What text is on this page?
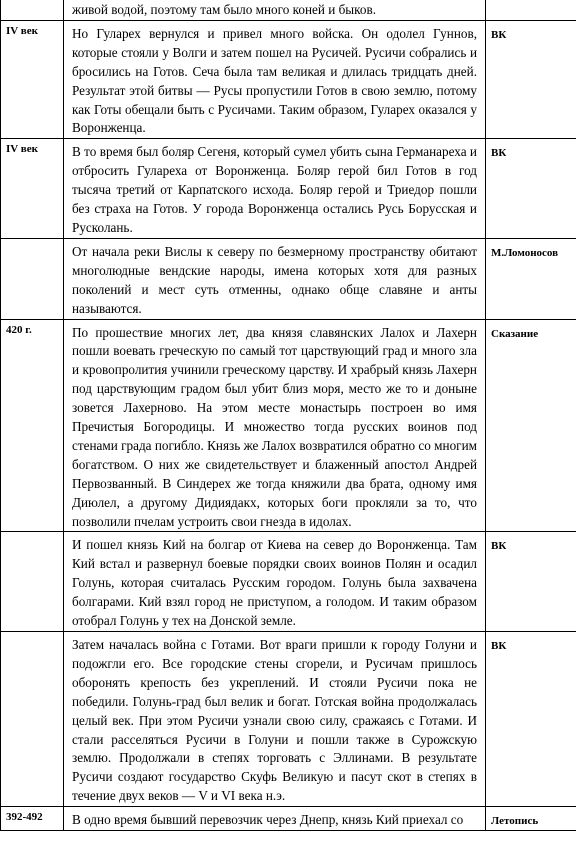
	живой водой, поэтому там было много коней и быков.	

IV век	Но Гуларех вернулся и привел много войска. Он одолел Гуннов, которые стояли у Волги и затем пошел на Русичей. Русичи собрались и бросились на Готов. Сеча была там великая и длилась тридцать дней. Результат этой битвы — Русы пропустили Готов в свою землю, потому как Готы обещали быть с Русичами. Таким образом, Гуларех оказался у Воронженца.	ВК
IV век	В то время был боляр Сегеня, который сумел убить сына Германареха и отбросить Гулареха от Воронженца. Боляр герой бил Готов в год тысяча третий от Карпатского исхода. Боляр герой и Триедор пошли без страха на Готов. У города Воронженца остались Русь Борусская и Русколань.	ВК

	От начала реки Вислы к северу по безмерному пространству обитают многолюдные вендские народы, имена которых хотя для разных поколений и мест суть отменны, однако обще славяне и анты называются.	М.Ломоносов
420 г.	По прошествие многих лет, два князя славянских Лалох и Лахерн пошли воевать греческую по самый тот царствующий град и много зла и кровопролития учинили греческому царству. И храбрый князь Лахерн под царствующим градом был убит близ моря, место же то и доныне зовется Лахерново. На этом месте монастырь построен во имя Пречистыя Богородицы. И множество тогда русских воинов под стенами града погибло. Князь же Лалох возвратился обратно со многим богатством. О них же свидетельствует и блаженный апостол Андрей Первозванный. В Синдерех же тогда княжили два брата, одному имя Диюлел, а другому Дидиядакх, которых боги прокляли за то, что позволили пчелам устроить свои гнезда в идолах.	Сказание

	И пошел князь Кий на болгар от Киева на север до Воронженца. Там Кий встал и развернул боевые порядки своих воинов Полян и осадил Голунь, которая считалась Русским городом. Голунь была захвачена болгарами. Кий взял город не приступом, а голодом. И таким образом отобрал Голунь у тех на Донской земле.	ВК

	Затем началась война с Готами. Вот враги пришли к городу Голуни и подожгли его. Все городские стены сгорели, и Русичам пришлось оборонять крепость без укреплений. И стояли Русичи пока не победили. Голунь-град был велик и богат. Готская война продолжалась целый век. При этом Русичи узнали свою силу, сражаясь с Готами. И стали расселяться Русичи в Голуни и пошли также в Сурожскую землю. Продолжали в степях торговать с Эллинами. В результате Русичи создают государство Скуфь Великую и пасут скот в степях в течение двух веков — V и VI века н.э.	ВК
392-492	В одно время бывший перевозчик через Днепр, князь Кий приехал со	Летопись
